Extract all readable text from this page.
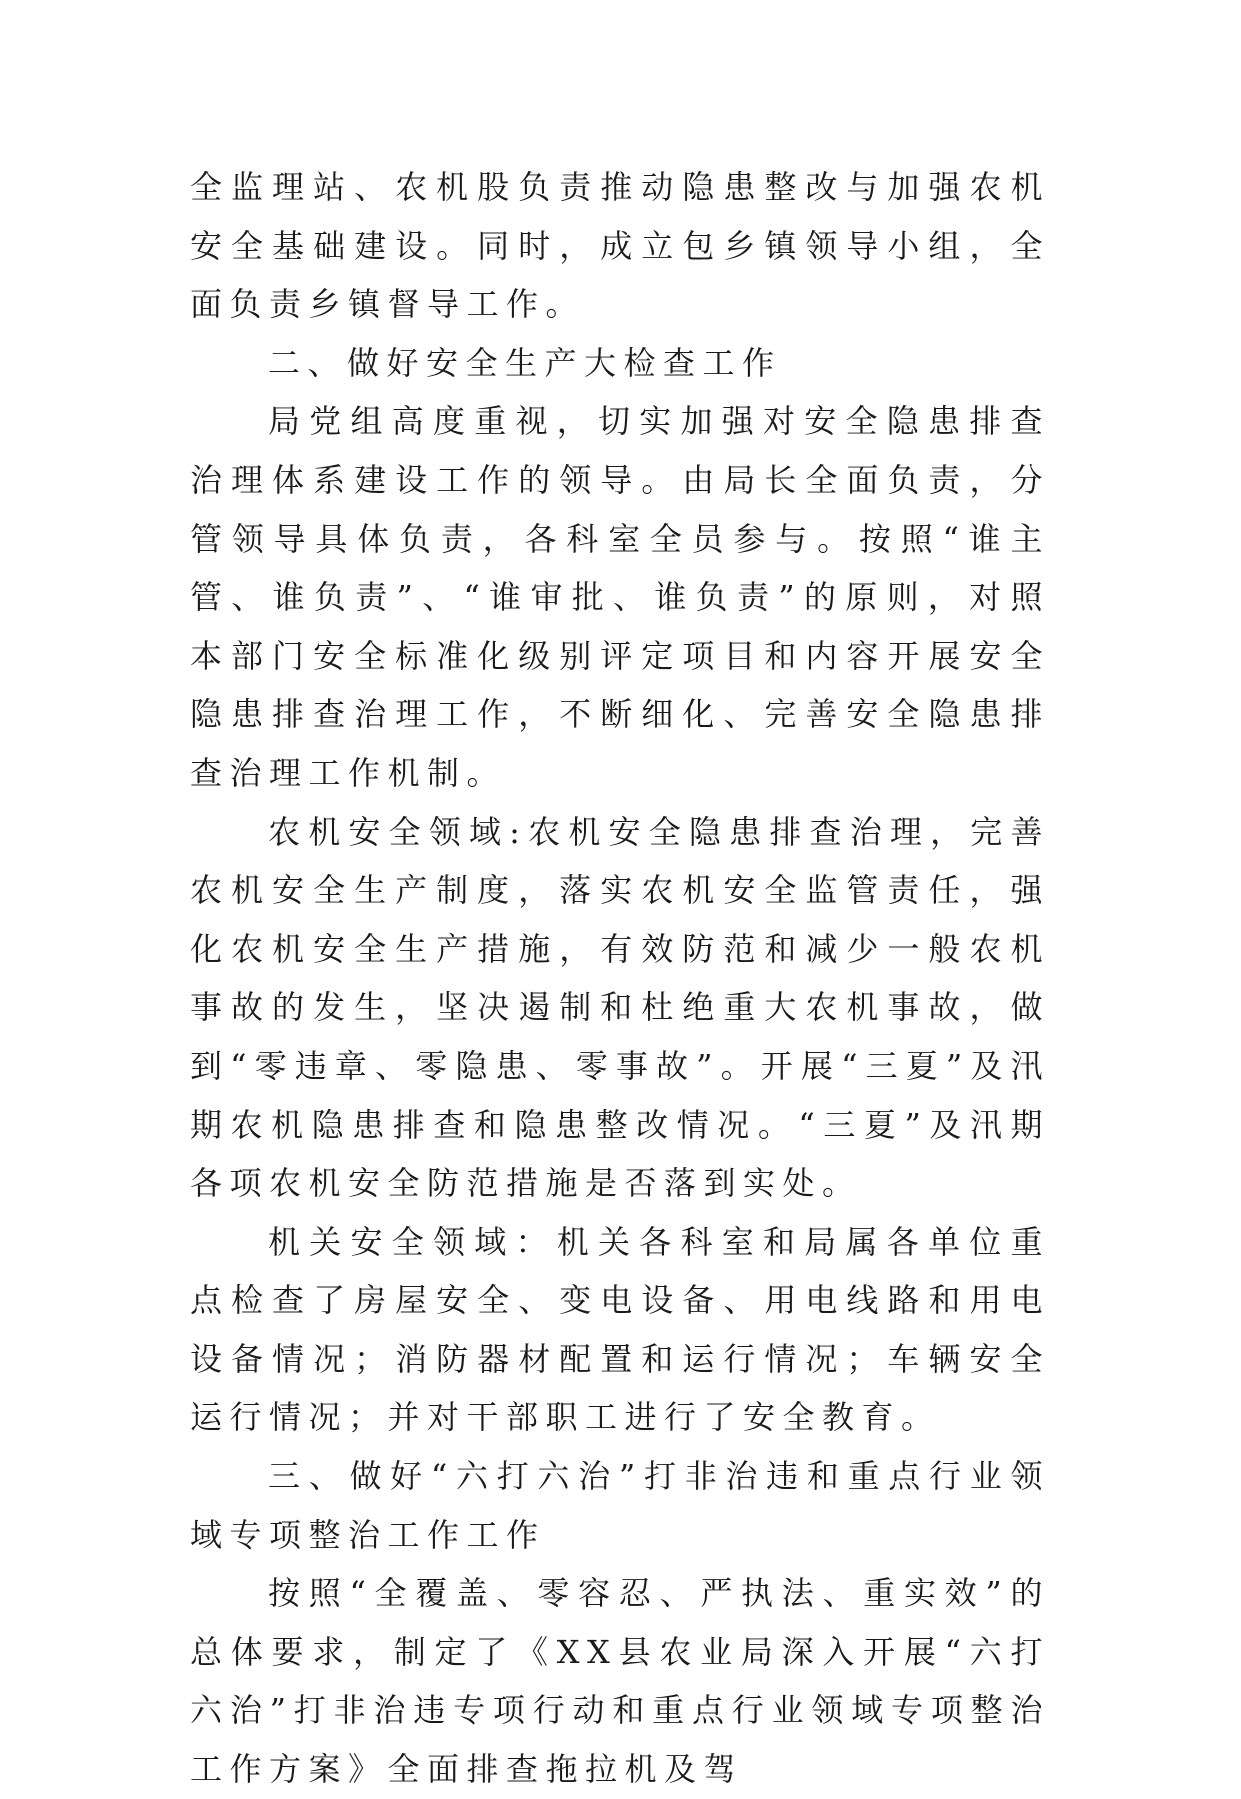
全监理站、农机股负责推动隐患整改与加强农机安全基础建设。同时，成立包乡镇领导小组，全面负责乡镇督导工作。

二、做好安全生产大检查工作

局党组高度重视，切实加强对安全隐患排查治理体系建设工作的领导。由局长全面负责，分管领导具体负责，各科室全员参与。按照“谁主管、谁负责”、“谁审批、谁负责”的原则，对照本部门安全标准化级别评定项目和内容开展安全隐患排查治理工作，不断细化、完善安全隐患排查治理工作机制。

农机安全领域:农机安全隐患排查治理，完善农机安全生产制度，落实农机安全监管责任，强化农机安全生产措施，有效防范和减少一般农机事故的发生，坚决遏制和杜绝重大农机事故，做到“零违章、零隐患、零事故”。开展“三夏”及汛期农机隐患排查和隐患整改情况。“三夏”及汛期各项农机安全防范措施是否落到实处。

机关安全领域：机关各科室和局属各单位重点检查了房屋安全、变电设备、用电线路和用电设备情况；消防器材配置和运行情况；车辆安全运行情况；并对干部职工进行了安全教育。

三、做好“六打六治”打非治违和重点行业领域专项整治工作工作

按照“全覆盖、零容忍、严执法、重实效”的总体要求，制定了《XX县农业局深入开展“六打六治”打非治违专项行动和重点行业领域专项整治工作方案》全面排查拖拉机及驾
